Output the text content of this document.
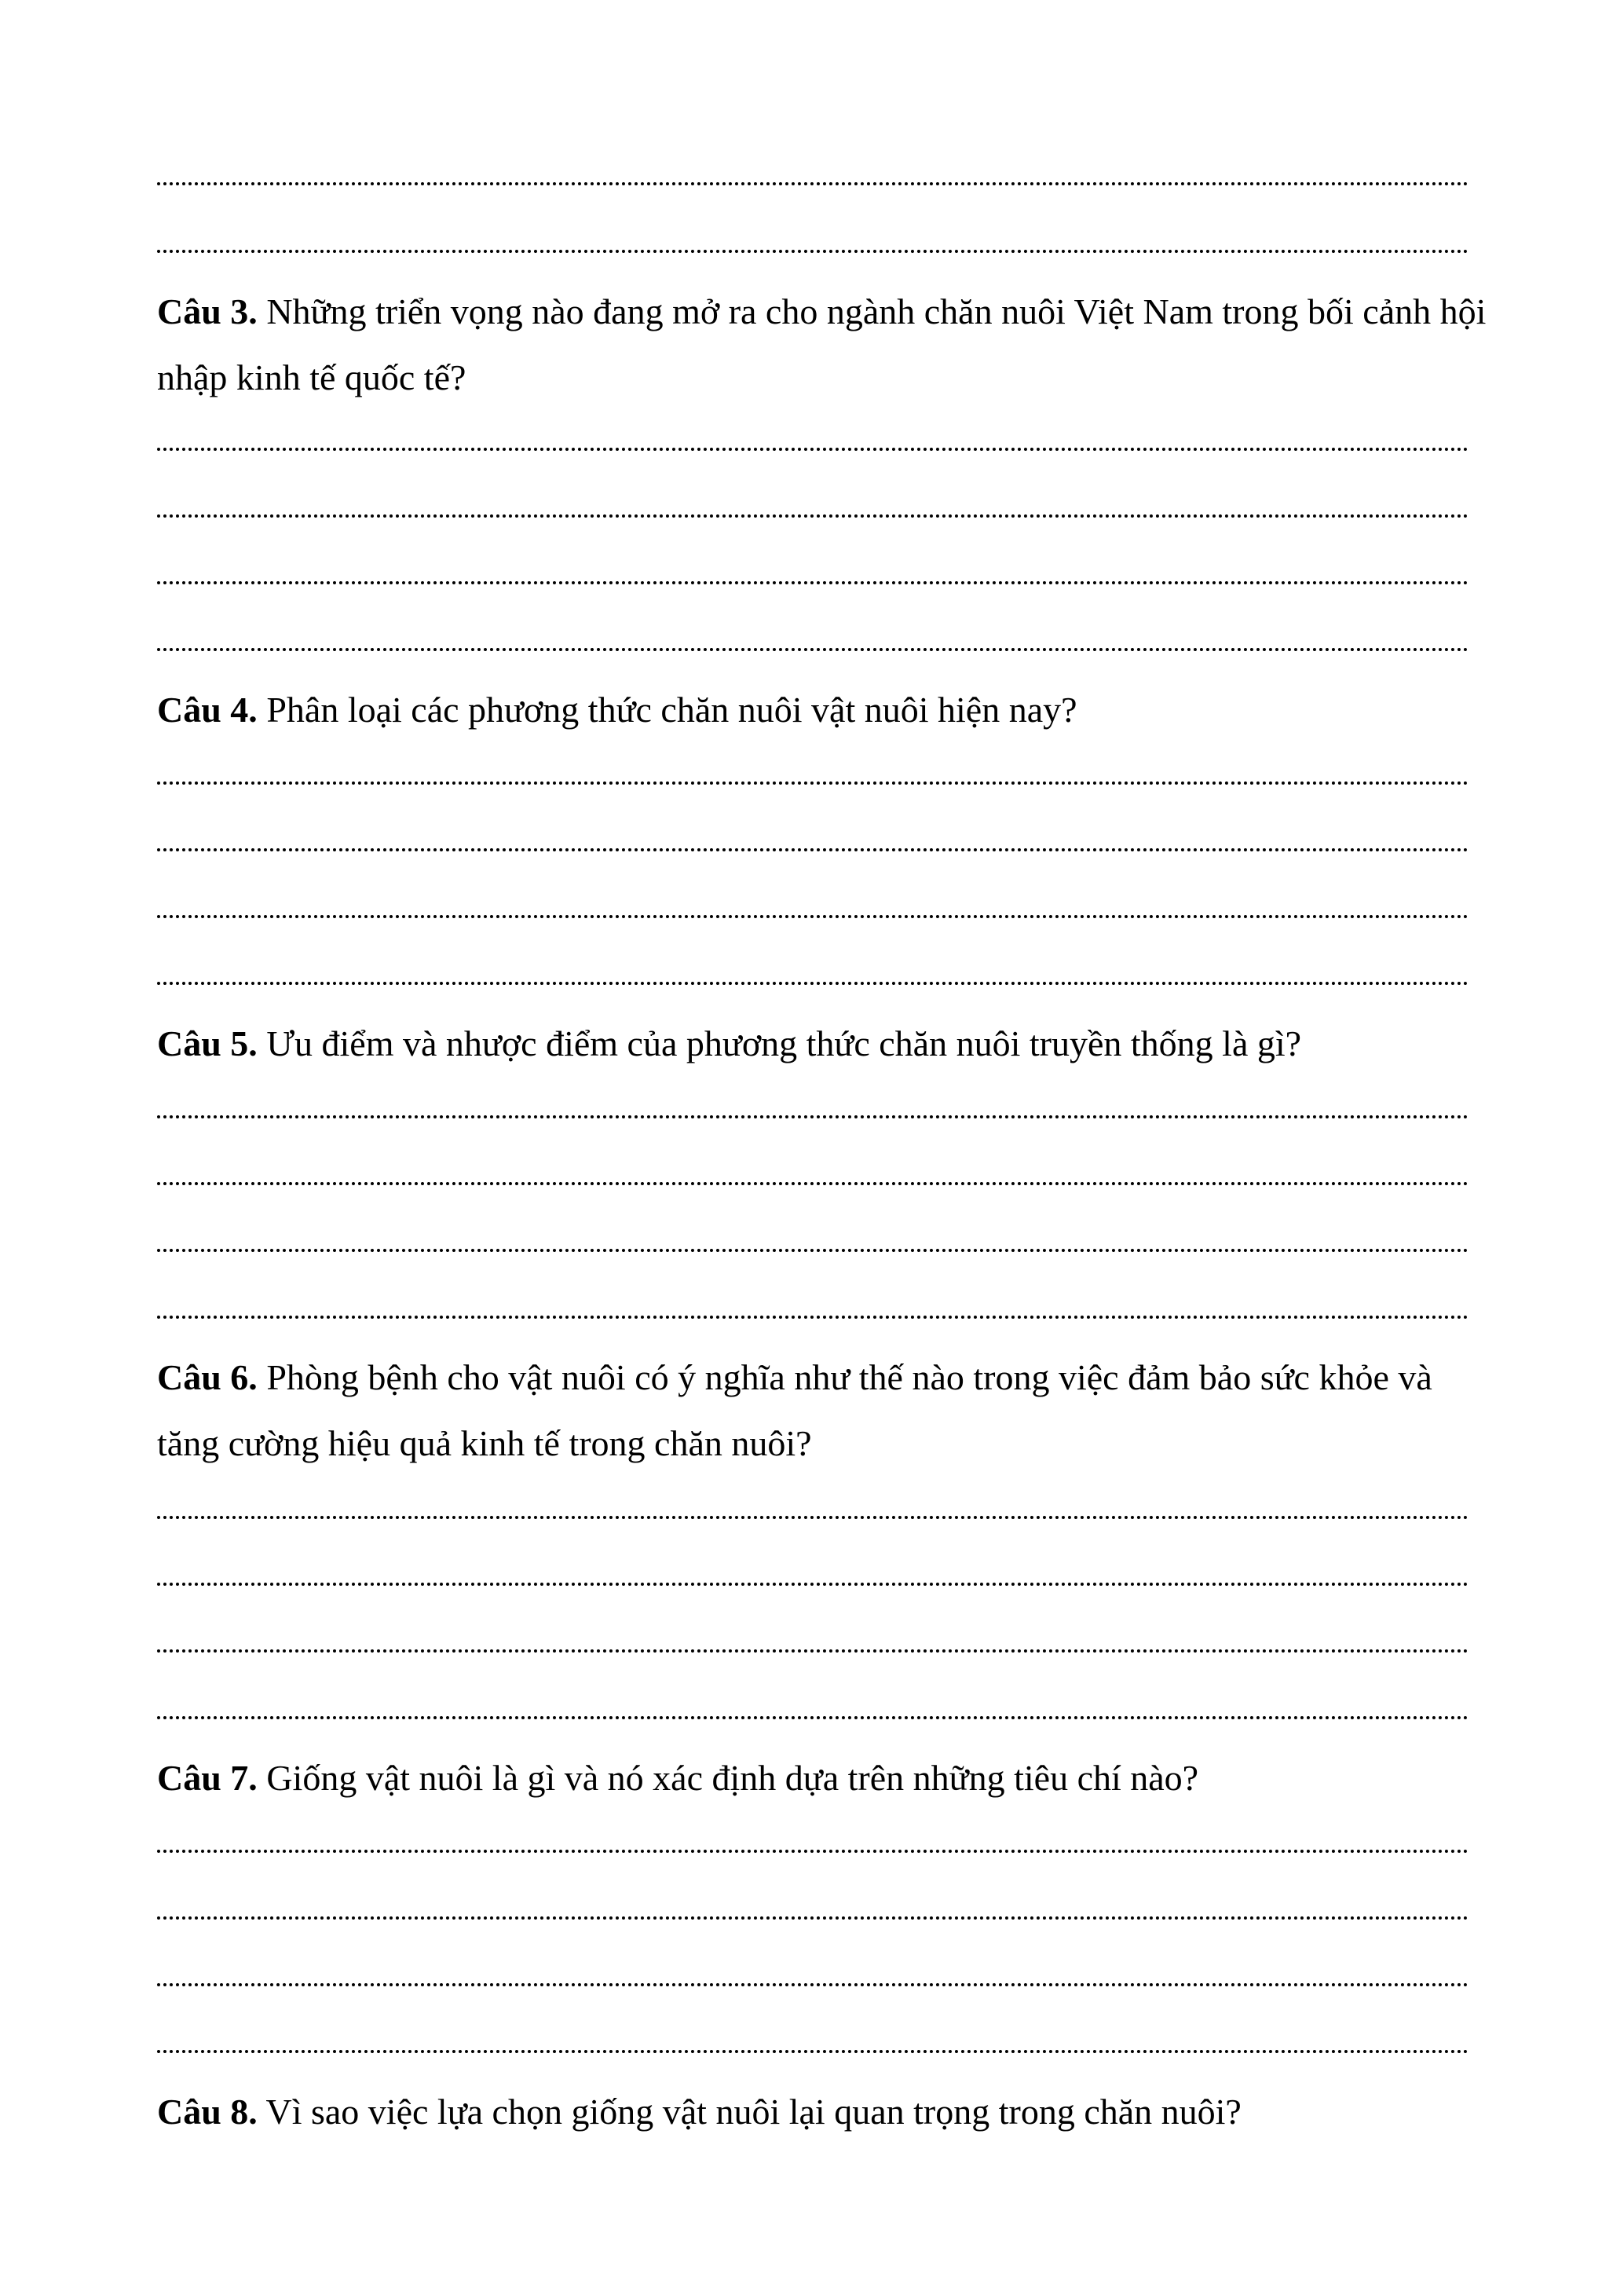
Câu 3. Những triển vọng nào đang mở ra cho ngành chăn nuôi Việt Nam trong bối cảnh hội nhập kinh tế quốc tế?

Câu 4. Phân loại các phương thức chăn nuôi vật nuôi hiện nay?

Câu 5. Ưu điểm và nhược điểm của phương thức chăn nuôi truyền thống là gì?

Câu 6. Phòng bệnh cho vật nuôi có ý nghĩa như thế nào trong việc đảm bảo sức khỏe và tăng cường hiệu quả kinh tế trong chăn nuôi?

Câu 7. Giống vật nuôi là gì và nó xác định dựa trên những tiêu chí nào?

Câu 8. Vì sao việc lựa chọn giống vật nuôi lại quan trọng trong chăn nuôi?
